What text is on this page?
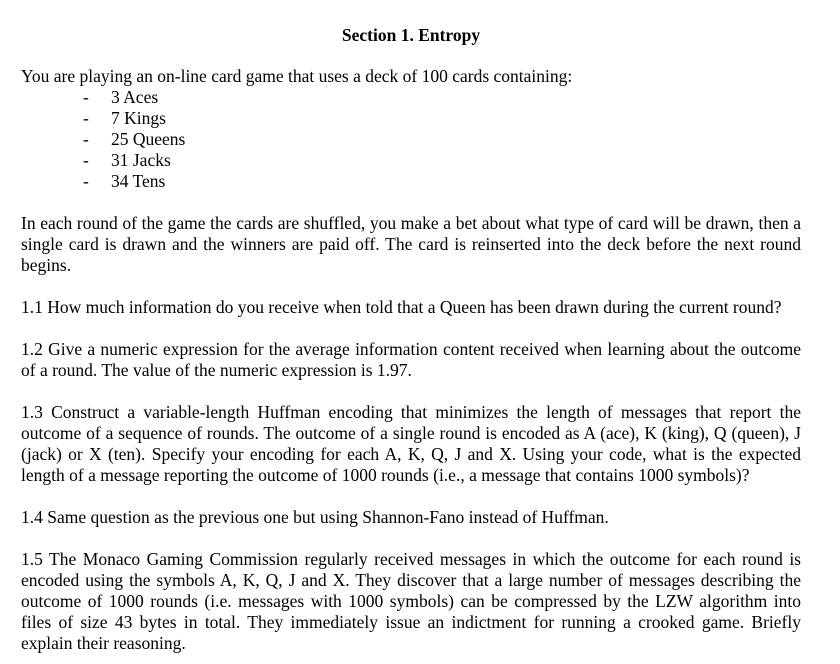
Section 1. Entropy

You are playing an on-line card game that uses a deck of 100 cards containing:

- 3 Aces
- 7 Kings
- 25 Queens
- 31 Jacks
- 34 Tens

In each round of the game the cards are shuffled, you make a bet about what type of card will be drawn, then a single card is drawn and the winners are paid off. The card is reinserted into the deck before the next round begins.

1.1 How much information do you receive when told that a Queen has been drawn during the current round?

1.2 Give a numeric expression for the average information content received when learning about the outcome of a round. The value of the numeric expression is 1.97.

1.3 Construct a variable-length Huffman encoding that minimizes the length of messages that report the outcome of a sequence of rounds. The outcome of a single round is encoded as A (ace), K (king), Q (queen), J (jack) or X (ten). Specify your encoding for each A, K, Q, J and X. Using your code, what is the expected length of a message reporting the outcome of 1000 rounds (i.e., a message that contains 1000 symbols)?

1.4 Same question as the previous one but using Shannon-Fano instead of Huffman.

1.5 The Monaco Gaming Commission regularly received messages in which the outcome for each round is encoded using the symbols A, K, Q, J and X. They discover that a large number of messages describing the outcome of 1000 rounds (i.e. messages with 1000 symbols) can be compressed by the LZW algorithm into files of size 43 bytes in total. They immediately issue an indictment for running a crooked game. Briefly explain their reasoning.
